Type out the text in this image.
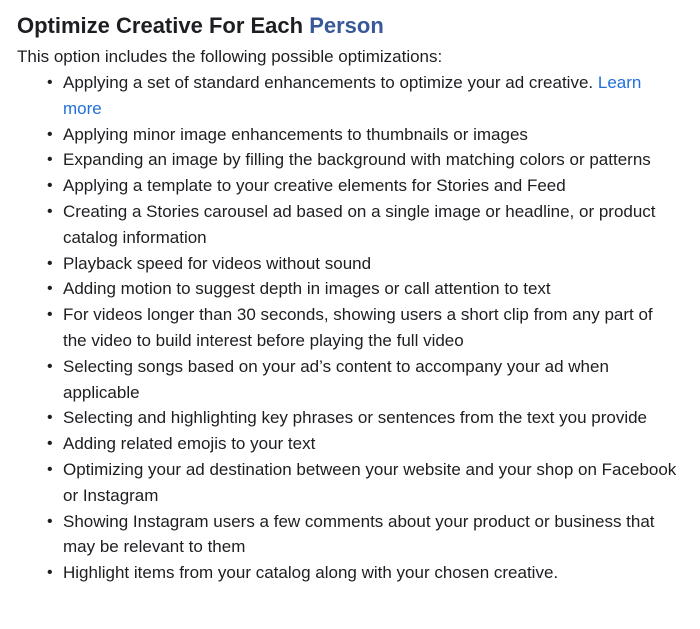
Optimize Creative For Each Person

This option includes the following possible optimizations:

• Applying a set of standard enhancements to optimize your ad creative. Learn more
• Applying minor image enhancements to thumbnails or images
• Expanding an image by filling the background with matching colors or patterns
• Applying a template to your creative elements for Stories and Feed
• Creating a Stories carousel ad based on a single image or headline, or product catalog information
• Playback speed for videos without sound
• Adding motion to suggest depth in images or call attention to text
• For videos longer than 30 seconds, showing users a short clip from any part of the video to build interest before playing the full video
• Selecting songs based on your ad’s content to accompany your ad when applicable
• Selecting and highlighting key phrases or sentences from the text you provide
• Adding related emojis to your text
• Optimizing your ad destination between your website and your shop on Facebook or Instagram
• Showing Instagram users a few comments about your product or business that may be relevant to them
• Highlight items from your catalog along with your chosen creative.
